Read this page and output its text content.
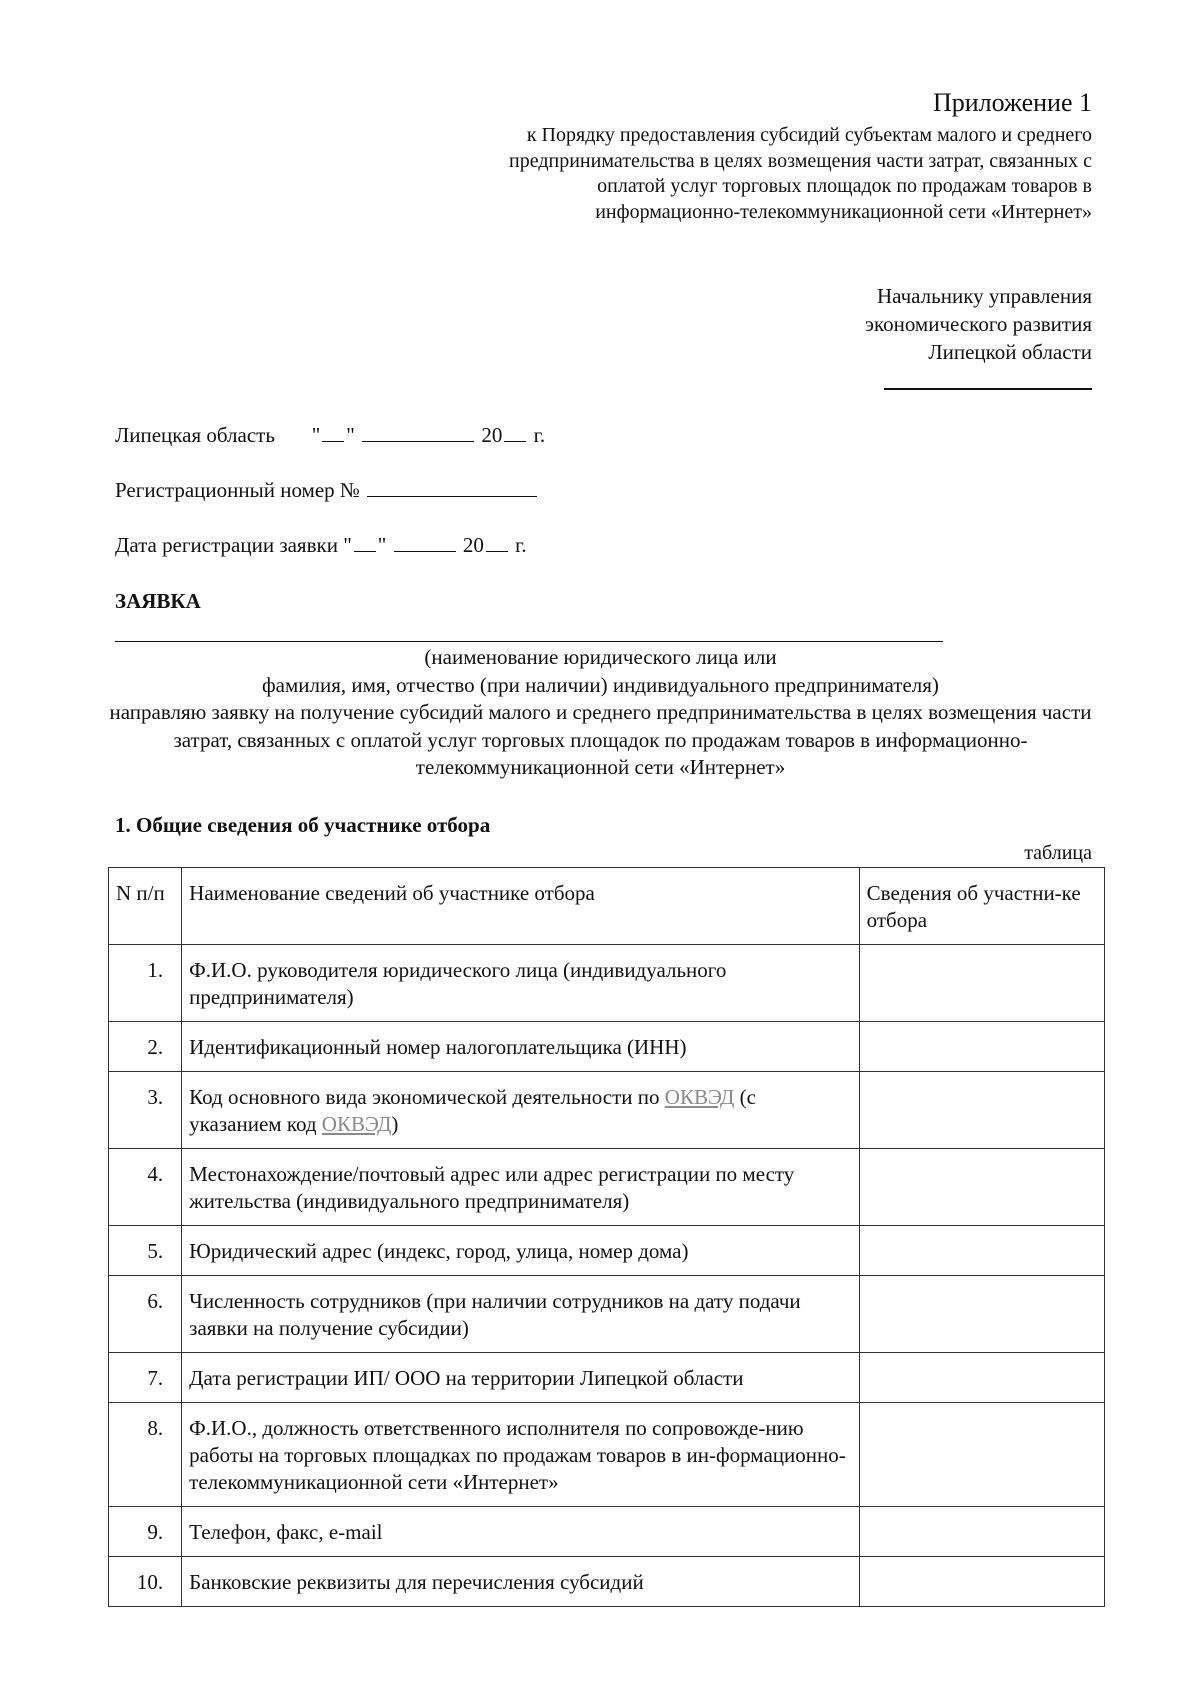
Приложение 1
к Порядку предоставления субсидий субъектам малого и среднего предпринимательства в целях возмещения части затрат, связанных с оплатой услуг торговых площадок по продажам товаров в информационно-телекоммуникационной сети «Интернет»
Начальнику управления
экономического развития
Липецкой области
Липецкая область " "	20 г.
Регистрационный номер №
Дата регистрации заявки " "	20 г.
ЗАЯВКА
(наименование юридического лица или
фамилия, имя, отчество (при наличии) индивидуального предпринимателя)
направляю заявку на получение субсидий малого и среднего предпринимательства в целях возмещения части затрат, связанных с оплатой услуг торговых площадок по продажам товаров в информационно-телекоммуникационной сети «Интернет»
1. Общие сведения об участнике отбора
таблица
N п/п	Наименование сведений об участнике отбора	Сведения об участни-ке отбора
1.	Ф.И.О. руководителя юридического лица (индивидуального предпринимателя)	
2.	Идентификационный номер налогоплательщика (ИНН)	
3.	Код основного вида экономической деятельности по ОКВЭД (с указанием код ОКВЭД)	
4.	Местонахождение/почтовый адрес или адрес регистрации по месту жительства (индивидуального предпринимателя)	
5.	Юридический адрес (индекс, город, улица, номер дома)	
6.	Численность сотрудников (при наличии сотрудников на дату подачи заявки на получение субсидии)	
7.	Дата регистрации ИП/ ООО на территории Липецкой области	
8.	Ф.И.О., должность ответственного исполнителя по сопровожде-нию работы на торговых площадках по продажам товаров в ин-формационно-телекоммуникационной сети «Интернет»	
9.	Телефон, факс, e-mail	
10.	Банковские реквизиты для перечисления субсидий	
